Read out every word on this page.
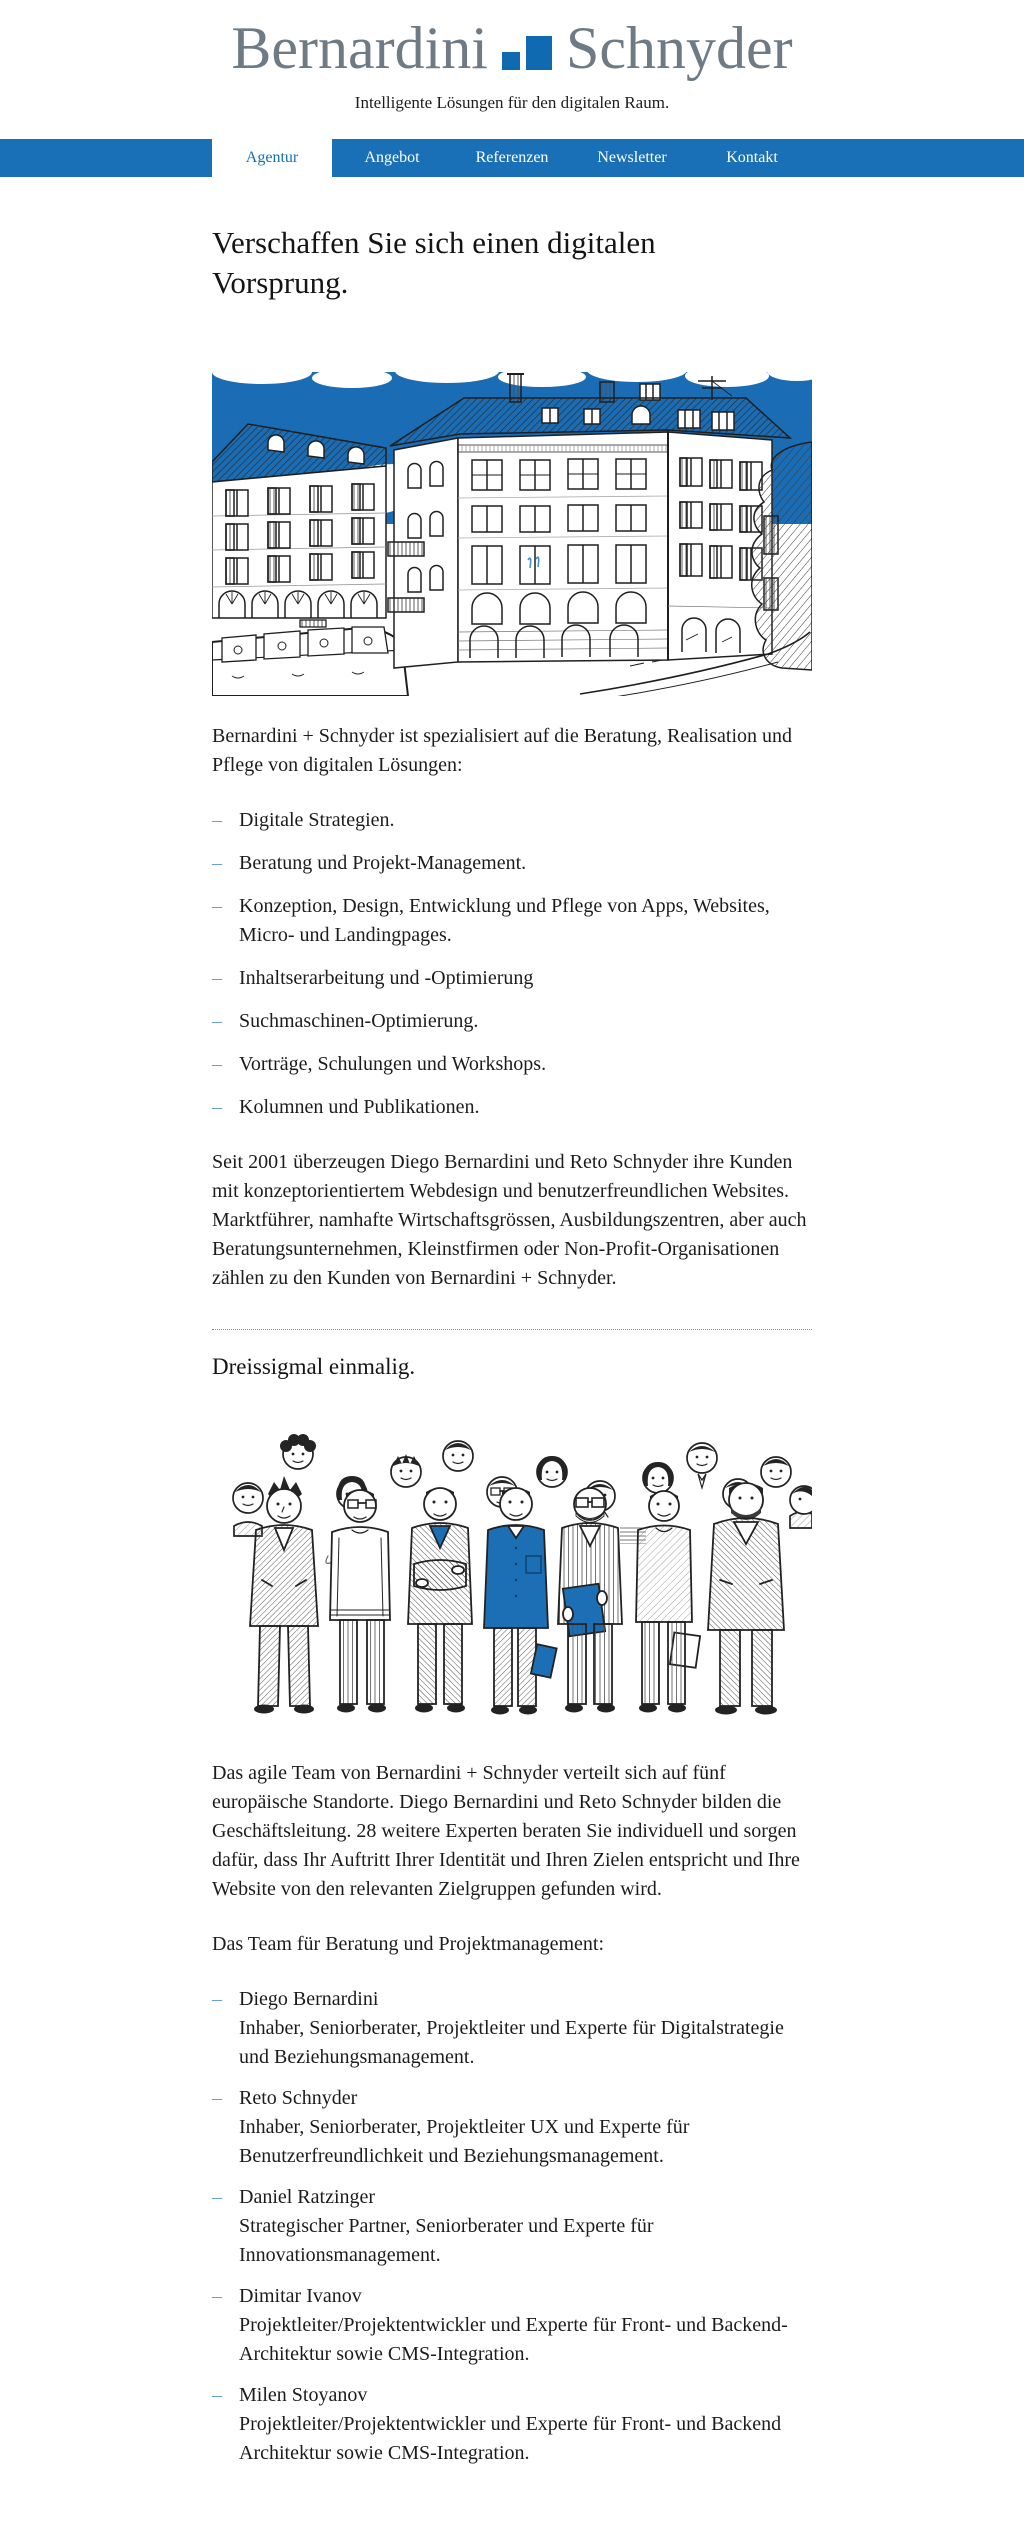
Bernardini Schnyder
Intelligente Lösungen für den digitalen Raum.
Agentur	Angebot	Referenzen	Newsletter	Kontakt
Verschaffen Sie sich einen digitalen Vorsprung.

Bernardini + Schnyder ist spezialisiert auf die Beratung, Realisation und Pflege von digitalen Lösungen:

– Digitale Strategien.
– Beratung und Projekt-Management.
– Konzeption, Design, Entwicklung und Pflege von Apps, Websites, Micro- und Landingpages.
– Inhaltserarbeitung und -Optimierung
– Suchmaschinen-Optimierung.
– Vorträge, Schulungen und Workshops.
– Kolumnen und Publikationen.

Seit 2001 überzeugen Diego Bernardini und Reto Schnyder ihre Kunden mit konzeptorientiertem Webdesign und benutzerfreundlichen Websites. Marktführer, namhafte Wirtschaftsgrössen, Ausbildungszentren, aber auch Beratungsunternehmen, Kleinstfirmen oder Non-Profit-Organisationen zählen zu den Kunden von Bernardini + Schnyder.

Dreissigmal einmalig.

Das agile Team von Bernardini + Schnyder verteilt sich auf fünf europäische Standorte. Diego Bernardini und Reto Schnyder bilden die Geschäftsleitung. 28 weitere Experten beraten Sie individuell und sorgen dafür, dass Ihr Auftritt Ihrer Identität und Ihren Zielen entspricht und Ihre Website von den relevanten Zielgruppen gefunden wird.

Das Team für Beratung und Projektmanagement:

– Diego Bernardini
Inhaber, Seniorberater, Projektleiter und Experte für Digitalstrategie und Beziehungsmanagement.
– Reto Schnyder
Inhaber, Seniorberater, Projektleiter UX und Experte für Benutzerfreundlichkeit und Beziehungsmanagement.
– Daniel Ratzinger
Strategischer Partner, Seniorberater und Experte für Innovationsmanagement.
– Dimitar Ivanov
Projektleiter/Projektentwickler und Experte für Front- und Backend-Architektur sowie CMS-Integration.
– Milen Stoyanov
Projektleiter/Projektentwickler und Experte für Front- und Backend Architektur sowie CMS-Integration.
